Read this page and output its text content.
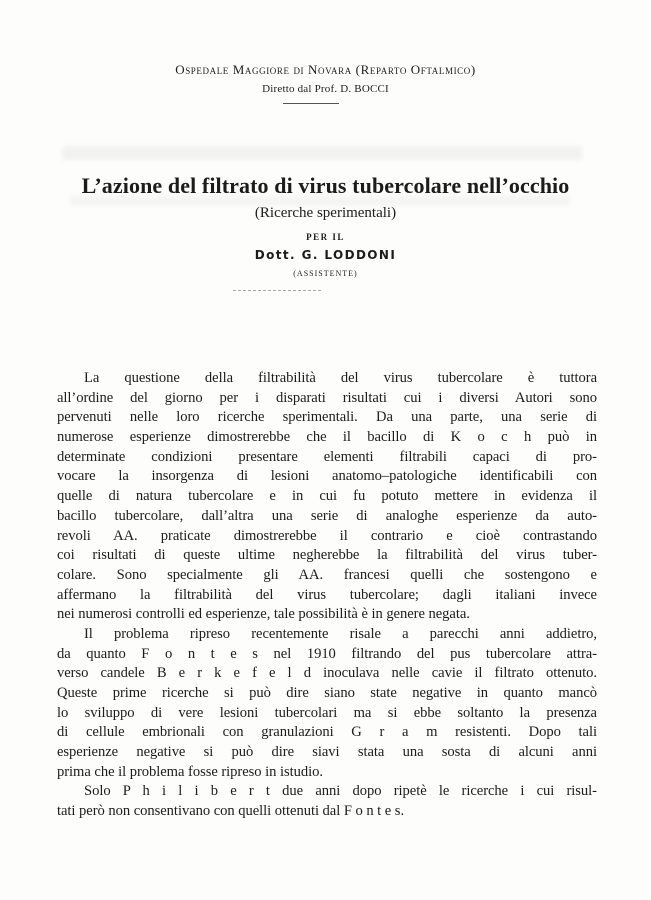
Ospedale Maggiore di Novara (Reparto Oftalmico)
Diretto dal Prof. D. BOCCI
L’azione del filtrato di virus tubercolare nell’occhio
(Ricerche sperimentali)
PER IL
Dott. G. LODDONI
(ASSISTENTE)
La questione della filtrabilità del virus tubercolare è tuttora
all’ordine del giorno per i disparati risultati cui i diversi Autori sono
pervenuti nelle loro ricerche sperimentali. Da una parte, una serie di
numerose esperienze dimostrerebbe che il bacillo di K o c h può in
determinate condizioni presentare elementi filtrabili capaci di pro-
vocare la insorgenza di lesioni anatomo–patologiche identificabili con
quelle di natura tubercolare e in cui fu potuto mettere in evidenza il
bacillo tubercolare, dall’altra una serie di analoghe esperienze da auto-
revoli AA. praticate dimostrerebbe il contrario e cioè contrastando
coi risultati di queste ultime negherebbe la filtrabilità del virus tuber-
colare. Sono specialmente gli AA. francesi quelli che sostengono e
affermano la filtrabilità del virus tubercolare; dagli italiani invece
nei numerosi controlli ed esperienze, tale possibilità è in genere negata.
Il problema ripreso recentemente risale a parecchi anni addietro,
da quanto F o n t e s nel 1910 filtrando del pus tubercolare attra-
verso candele B e r k e f e l d inoculava nelle cavie il filtrato ottenuto.
Queste prime ricerche si può dire siano state negative in quanto mancò
lo sviluppo di vere lesioni tubercolari ma si ebbe soltanto la presenza
di cellule embrionali con granulazioni G r a m resistenti. Dopo tali
esperienze negative si può dire siavi stata una sosta di alcuni anni
prima che il problema fosse ripreso in istudio.
Solo P h i l i b e r t due anni dopo ripetè le ricerche i cui risul-
tati però non consentivano con quelli ottenuti dal F o n t e s.
